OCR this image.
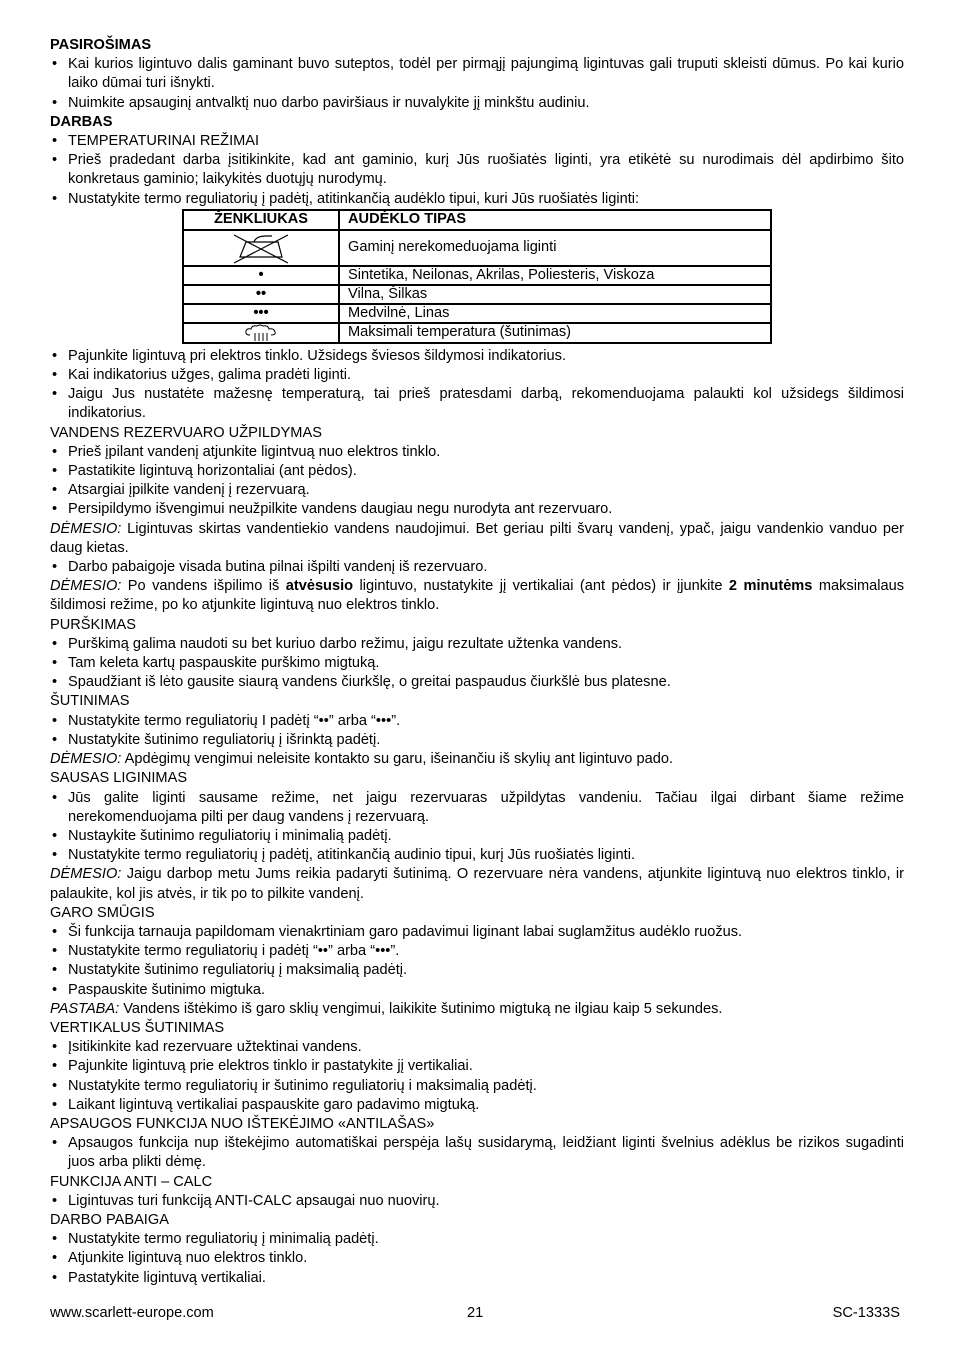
PASIROŠIMAS
• Kai kurios ligintuvo dalis gaminant buvo suteptos, todėl per pirmąjį pajungimą ligintuvas gali truputi skleisti dūmus. Po kai kurio laiko dūmai turi išnykti.
• Nuimkite apsauginį antvalktį nuo darbo paviršiaus ir nuvalykite jį minkštu audiniu.
DARBAS
• TEMPERATURINAI REŽIMAI
• Prieš pradedant darba įsitikinkite, kad ant gaminio, kurį Jūs ruošiatės liginti, yra etikėtė su nurodimais dėl apdirbimo šito konkretaus gaminio; laikykitės duotųjų nurodymų.
• Nustatykite termo reguliatorių į padėtį, atitinkančią audėklo tipui, kuri Jūs ruošiatės liginti:
ŽENKLIUKAS	AUDĖKLO TIPAS

	Gaminį nerekomeduojama liginti
•	Sintetika, Neilonas, Akrilas, Poliesteris, Viskoza
••	Vilna, Šilkas
•••	Medvilnė, Linas

	Maksimali temperatura (šutinimas)
• Pajunkite ligintuvą pri elektros tinklo. Užsidegs šviesos šildymosi indikatorius.
• Kai indikatorius užges, galima pradėti liginti.
• Jaigu Jus nustatėte mažesnę temperaturą, tai prieš pratesdami darbą, rekomenduojama palaukti kol užsidegs šildimosi indikatorius.
VANDENS REZERVUARO UŽPILDYMAS
• Prieš įpilant vandenį atjunkite ligintvuą nuo elektros tinklo.
• Pastatikite ligintuvą horizontaliai (ant pėdos).
• Atsargiai įpilkite vandenį į rezervuarą.
• Persipildymo išvengimui neužpilkite vandens daugiau negu nurodyta ant rezervuaro.
DĖMESIO: Ligintuvas skirtas vandentiekio vandens naudojimui. Bet geriau pilti švarų vandenį, ypač, jaigu vandenkio vanduo per daug kietas.
• Darbo pabaigoje visada butina pilnai išpilti vandenį iš rezervuaro.
DĖMESIO: Po vandens išpilimo iš atvėsusio ligintuvo, nustatykite jį vertikaliai (ant pėdos) ir įjunkite 2 minutėms maksimalaus šildimosi režime, po ko atjunkite ligintuvą nuo elektros tinklo.
PURŠKIMAS
• Purškimą galima naudoti su bet kuriuo darbo režimu, jaigu rezultate užtenka vandens.
• Tam keleta kartų paspauskite purškimo migtuką.
• Spaudžiant iš lėto gausite siaurą vandens čiurkšlę, o greitai paspaudus čiurkšlė bus platesne.
ŠUTINIMAS
• Nustatykite termo reguliatorių I padėtį “••” arba “•••”.
• Nustatykite šutinimo reguliatorių į išrinktą padėtį.
DĖMESIO: Apdėgimų vengimui neleisite kontakto su garu, išeinančiu iš skylių ant ligintuvo pado.
SAUSAS LIGINIMAS
• Jūs galite liginti sausame režime, net jaigu rezervuaras užpildytas vandeniu. Tačiau ilgai dirbant šiame režime nerekomenduojama pilti per daug vandens į rezervuarą.
• Nustaykite šutinimo reguliatorių i minimalią padėtį.
• Nustatykite termo reguliatorių į padėtį, atitinkančią audinio tipui, kurį Jūs ruošiatės liginti.
DĖMESIO: Jaigu darbop metu Jums reikia padaryti šutinimą. O rezervuare nėra vandens, atjunkite ligintuvą nuo elektros tinklo, ir palaukite, kol jis atvės, ir tik po to pilkite vandenį.
GARO SMŪGIS
• Ši funkcija tarnauja papildomam vienakrtiniam garo padavimui liginant labai suglamžitus audėklo ruožus.
• Nustatykite termo reguliatorių i padėtį “••” arba “•••”.
• Nustatykite šutinimo reguliatorių į maksimalią padėtį.
• Paspauskite šutinimo migtuka.
PASTABA: Vandens ištėkimo iš garo sklių vengimui, laikikite šutinimo migtuką ne ilgiau kaip 5 sekundes.
VERTIKALUS ŠUTINIMAS
• Įsitikinkite kad rezervuare užtektinai vandens.
• Pajunkite ligintuvą prie elektros tinklo ir pastatykite jį vertikaliai.
• Nustatykite termo reguliatorių ir šutinimo reguliatorių i maksimalią padėtį.
• Laikant ligintuvą vertikaliai paspauskite garo padavimo migtuką.
APSAUGOS FUNKCIJA NUO IŠTEKĖJIMO «ANTILAŠAS»
• Apsaugos funkcija nup ištekėjimo automatiškai perspėja lašų susidarymą, leidžiant liginti švelnius adėklus be rizikos sugadinti juos arba plikti dėmę.
FUNKCIJA ANTI – CALC
• Ligintuvas turi funkciją ANTI-CALC apsaugai nuo nuovirų.
DARBO PABAIGA
• Nustatykite termo reguliatorių į minimalią padėtį.
• Atjunkite ligintuvą nuo elektros tinklo.
• Pastatykite ligintuvą vertikaliai.
www.scarlett-europe.com	21	SC-1333S
